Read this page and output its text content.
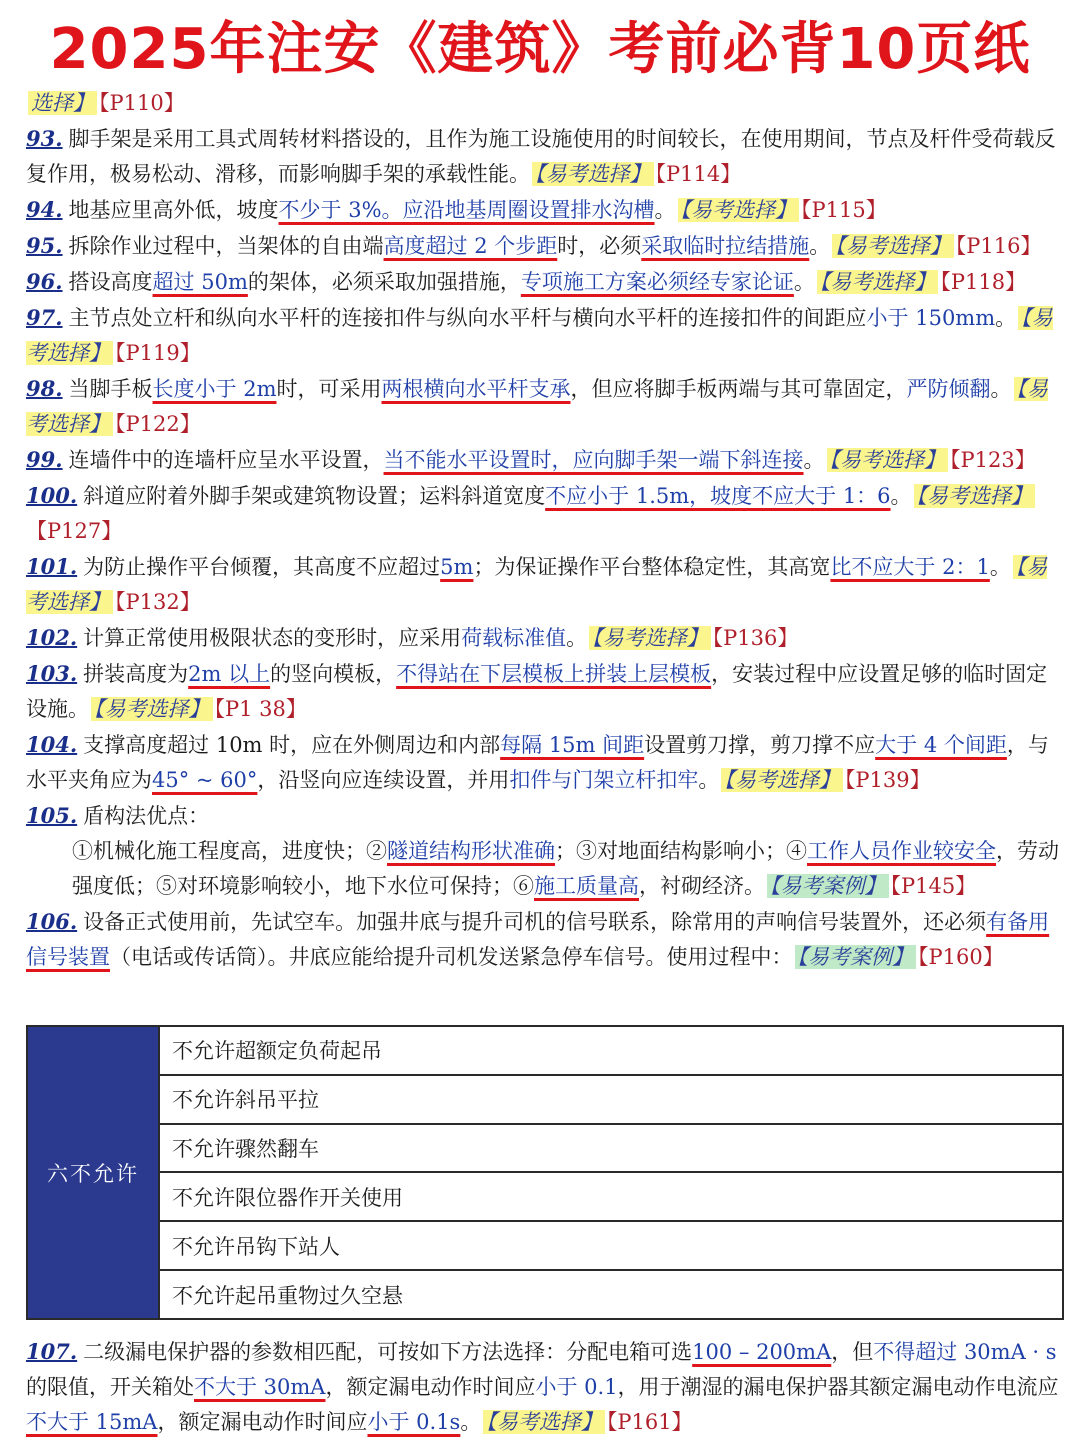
2025年注安《建筑》考前必背10页纸

选择】 【P110】

93. 脚手架是采用工具式周转材料搭设的，且作为施工设施使用的时间较长，在使用期间，节点及杆件受荷载反复作用，极易松动、滑移，而影响脚手架的承载性能。 【易考选择】 【P114】

94. 地基应里高外低，坡度不少于 3%。应沿地基周圈设置排水沟槽。 【易考选择】 【P115】

95. 拆除作业过程中，当架体的自由端高度超过 2 个步距时，必须采取临时拉结措施。 【易考选择】 【P116】

96. 搭设高度超过 50m的架体，必须采取加强措施，专项施工方案必须经专家论证。 【易考选择】 【P118】

97. 主节点处立杆和纵向水平杆的连接扣件与纵向水平杆与横向水平杆的连接扣件的间距应小于 150mm。 【易考选择】 【P119】

98. 当脚手板长度小于 2m时，可采用两根横向水平杆支承，但应将脚手板两端与其可靠固定，严防倾翻。 【易考选择】 【P122】

99. 连墙件中的连墙杆应呈水平设置，当不能水平设置时，应向脚手架一端下斜连接。 【易考选择】 【P123】

100. 斜道应附着外脚手架或建筑物设置；运料斜道宽度不应小于 1.5m，坡度不应大于 1：6。 【易考选择】【P127】

101. 为防止操作平台倾覆，其高度不应超过5m；为保证操作平台整体稳定性，其高宽比不应大于 2：1。 【易考选择】 【P132】

102. 计算正常使用极限状态的变形时，应采用荷载标准值。 【易考选择】 【P136】

103. 拼装高度为2m 以上的竖向模板，不得站在下层模板上拼装上层模板，安装过程中应设置足够的临时固定设施。 【易考选择】 【P1 38】

104. 支撑高度超过 10m 时，应在外侧周边和内部每隔 15m 间距设置剪刀撑，剪刀撑不应大于 4 个间距，与水平夹角应为45° ~ 60°，沿竖向应连续设置，并用扣件与门架立杆扣牢。 【易考选择】 【P139】

105. 盾构法优点：

①机械化施工程度高，进度快；②隧道结构形状准确；③对地面结构影响小；④工作人员作业较安全，劳动强度低；⑤对环境影响较小，地下水位可保持；⑥施工质量高，衬砌经济。 【易考案例】 【P145】

106. 设备正式使用前，先试空车。加强井底与提升司机的信号联系，除常用的声响信号装置外，还必须有备用信号装置（电话或传话筒）。井底应能给提升司机发送紧急停车信号。使用过程中： 【易考案例】 【P160】

六不允许
不允许超额定负荷起吊
不允许斜吊平拉
不允许骤然翻车
不允许限位器作开关使用
不允许吊钩下站人
不允许起吊重物过久空悬

107. 二级漏电保护器的参数相匹配，可按如下方法选择：分配电箱可选100 – 200mA，但不得超过 30mA · s的限值，开关箱处不大于 30mA，额定漏电动作时间应小于 0.1，用于潮湿的漏电保护器其额定漏电动作电流应不大于 15mA，额定漏电动作时间应小于 0.1s。 【易考选择】 【P161】
